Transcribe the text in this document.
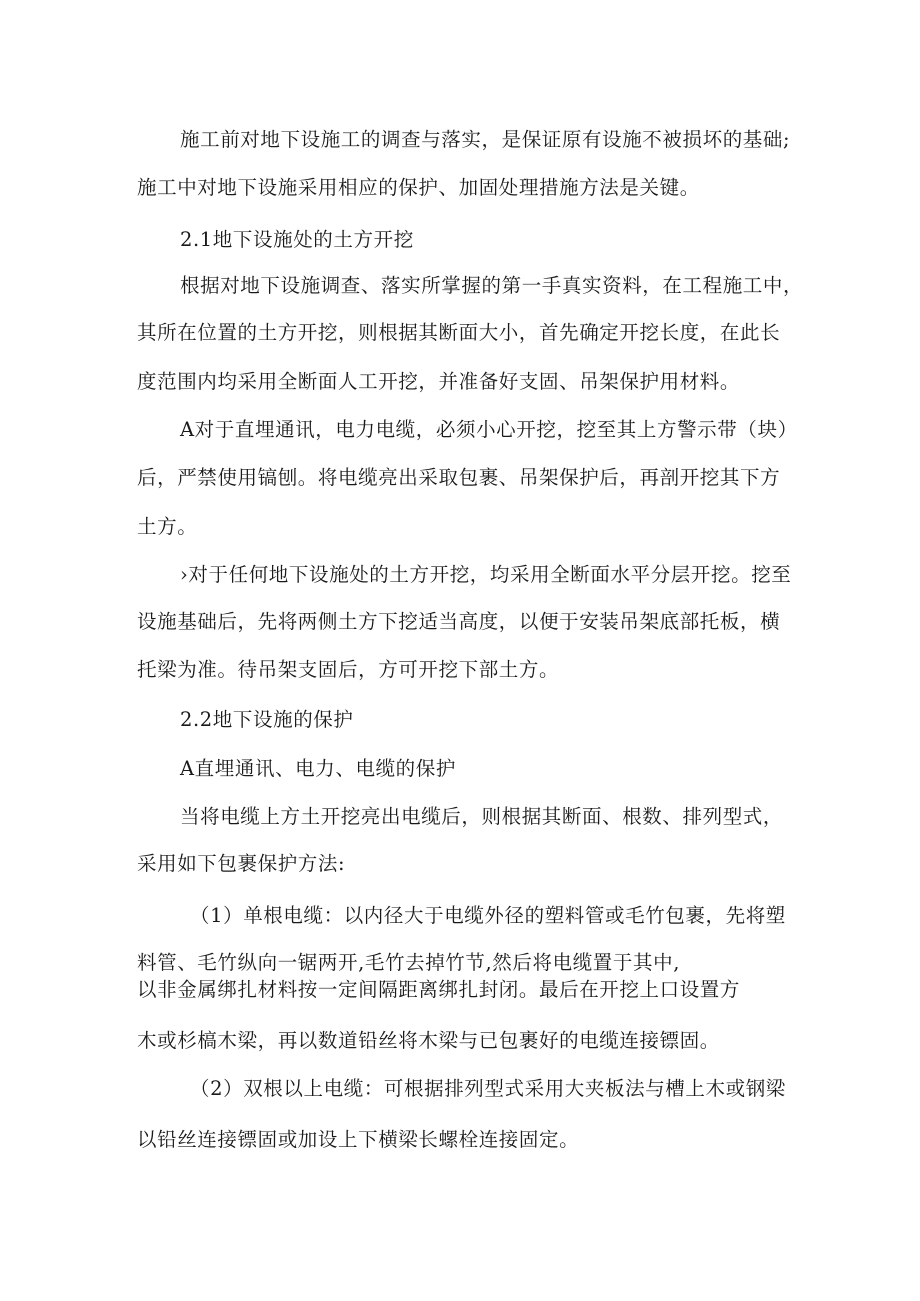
施工前对地下设施工的调查与落实，是保证原有设施不被损坏的基础;
施工中对地下设施采用相应的保护、加固处理措施方法是关键。
2.1地下设施处的土方开挖
根据对地下设施调查、落实所掌握的第一手真实资料，在工程施工中，
其所在位置的土方开挖，则根据其断面大小，首先确定开挖长度，在此长
度范围内均采用全断面人工开挖，并准备好支固、吊架保护用材料。
A对于直埋通讯，电力电缆，必须小心开挖，挖至其上方警示带（块）
后，严禁使用镐刨。将电缆亮出采取包裹、吊架保护后，再剖开挖其下方
土方。
›对于任何地下设施处的土方开挖，均采用全断面水平分层开挖。挖至
设施基础后，先将两侧土方下挖适当高度，以便于安装吊架底部托板，横
托梁为准。待吊架支固后，方可开挖下部土方。
2.2地下设施的保护
A直埋通讯、电力、电缆的保护
当将电缆上方土开挖亮出电缆后，则根据其断面、根数、排列型式，
采用如下包裹保护方法:
（1）单根电缆：以内径大于电缆外径的塑料管或毛竹包裹，先将塑
料管、毛竹纵向一锯两开,毛竹去掉竹节,然后将电缆置于其中,
以非金属绑扎材料按一定间隔距离绑扎封闭。最后在开挖上口设置方
木或杉槁木梁，再以数道铅丝将木梁与已包裹好的电缆连接镖固。
（2）双根以上电缆：可根据排列型式采用大夹板法与槽上木或钢梁
以铅丝连接镖固或加设上下横梁长螺栓连接固定。
